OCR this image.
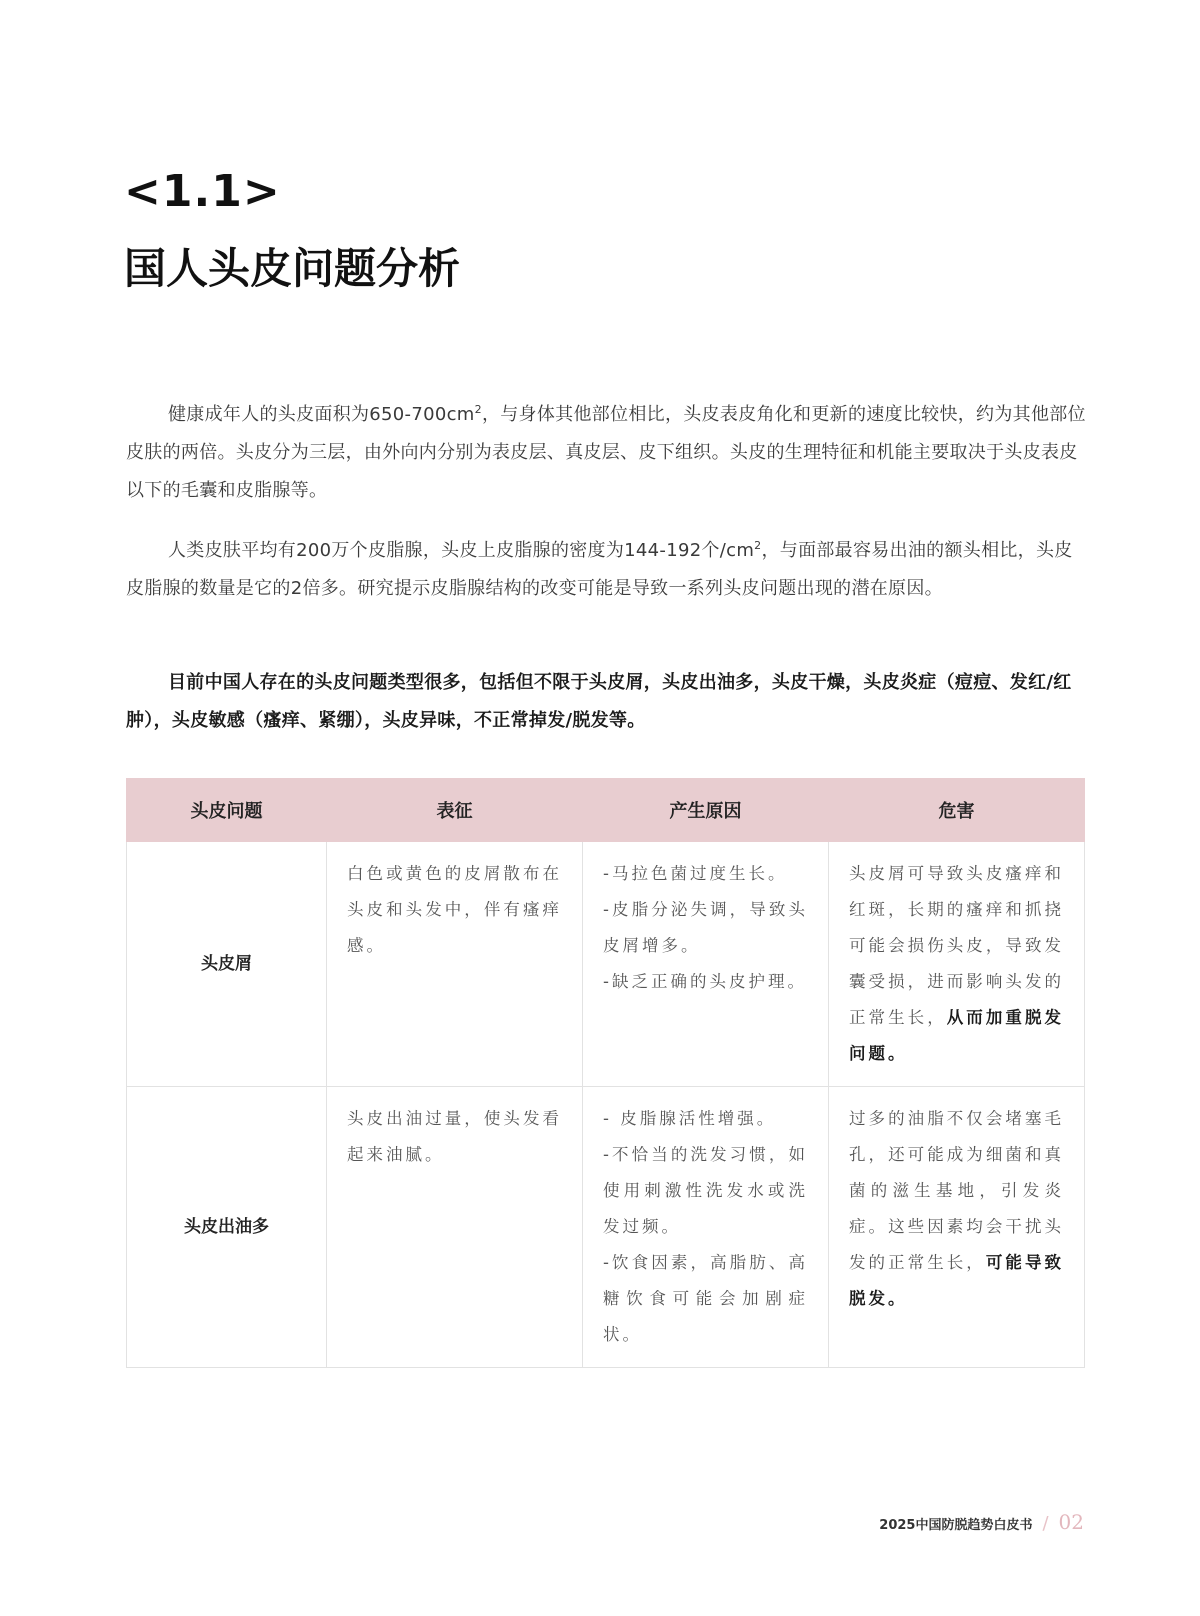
<1.1>
国人头皮问题分析

健康成年人的头皮面积为$650-700cm^2$，与身体其他部位相比，头皮表皮角化和更新的速度比较快，约为其他部位皮肤的两倍。头皮分为三层，由外向内分别为表皮层、真皮层、皮下组织。头皮的生理特征和机能主要取决于头皮表皮以下的毛囊和皮脂腺等。

人类皮肤平均有200万个皮脂腺，头皮上皮脂腺的密度为144-192个$/cm^2$，与面部最容易出油的额头相比，头皮皮脂腺的数量是它的2倍多。研究提示皮脂腺结构的改变可能是导致一系列头皮问题出现的潜在原因。

目前中国人存在的头皮问题类型很多，包括但不限于头皮屑，头皮出油多，头皮干燥，头皮炎症（痘痘、发红/红肿），头皮敏感（瘙痒、紧绷），头皮异味，不正常掉发/脱发等。

头皮问题	表征	产生原因	危害
头皮屑	白色或黄色的皮屑散布在头皮和头发中，伴有瘙痒感。	-马拉色菌过度生长。
-皮脂分泌失调，导致头皮屑增多。
-缺乏正确的头皮护理。	头皮屑可导致头皮瘙痒和红斑，长期的瘙痒和抓挠可能会损伤头皮，导致发囊受损，进而影响头发的正常生长，从而加重脱发问题。
头皮出油多	头皮出油过量，使头发看起来油腻。	- 皮脂腺活性增强。
-不恰当的洗发习惯，如使用刺激性洗发水或洗发过频。
-饮食因素，高脂肪、高糖饮食可能会加剧症状。	过多的油脂不仅会堵塞毛孔，还可能成为细菌和真菌的滋生基地，引发炎症。这些因素均会干扰头发的正常生长，可能导致脱发。
2025中国防脱趋势白皮书 / 02
